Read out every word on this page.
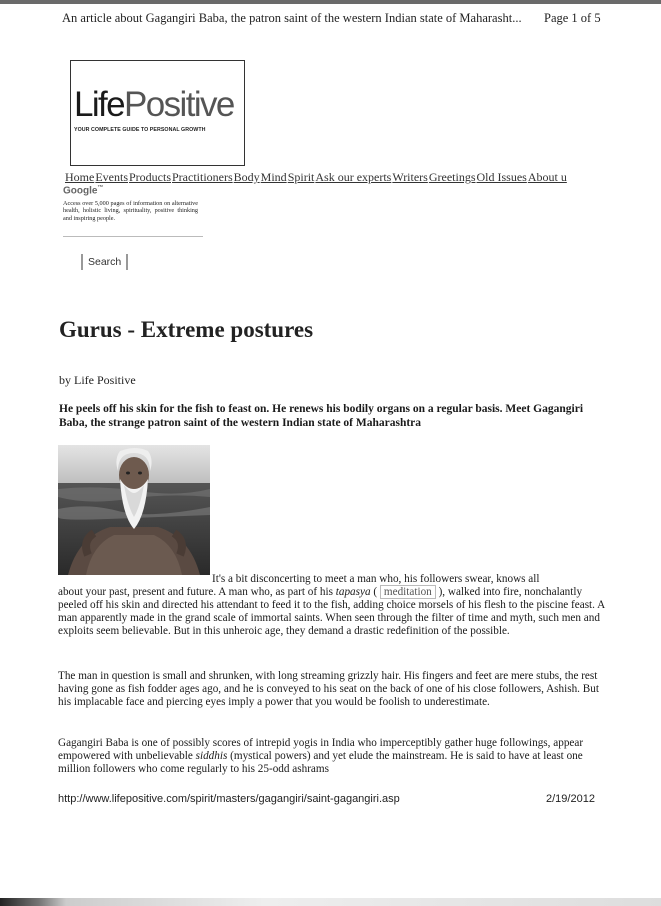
An article about Gagangiri Baba, the patron saint of the western Indian state of Maharasht... Page 1 of 5
LifePositive
YOUR COMPLETE GUIDE TO PERSONAL GROWTH
HomeEventsProductsPractitionersBodyMindSpiritAsk our expertsWritersGreetingsOld IssuesAbout u
Google™
Access over 5,000 pages of information on alternative health, holistic living, spirituality, positive thinking and inspiring people.
Search
Gurus - Extreme postures
by Life Positive
He peels off his skin for the fish to feast on. He renews his bodily organs on a regular basis. Meet Gagangiri Baba, the strange patron saint of the western Indian state of Maharashtra
It's a bit disconcerting to meet a man who, his followers swear, knows all
about your past, present and future. A man who, as part of his tapasya ( meditation ), walked into fire, nonchalantly peeled off his skin and directed his attendant to feed it to the fish, adding choice morsels of his flesh to the piscine feast. A man apparently made in the grand scale of immortal saints. When seen through the filter of time and myth, such men and exploits seem believable. But in this unheroic age, they demand a drastic redefinition of the possible.
The man in question is small and shrunken, with long streaming grizzly hair. His fingers and feet are mere stubs, the rest having gone as fish fodder ages ago, and he is conveyed to his seat on the back of one of his close followers, Ashish. But his implacable face and piercing eyes imply a power that you would be foolish to underestimate.
Gagangiri Baba is one of possibly scores of intrepid yogis in India who imperceptibly gather huge followings, appear empowered with unbelievable siddhis (mystical powers) and yet elude the mainstream. He is said to have at least one million followers who come regularly to his 25-odd ashrams
http://www.lifepositive.com/spirit/masters/gagangiri/saint-gagangiri.asp	2/19/2012
